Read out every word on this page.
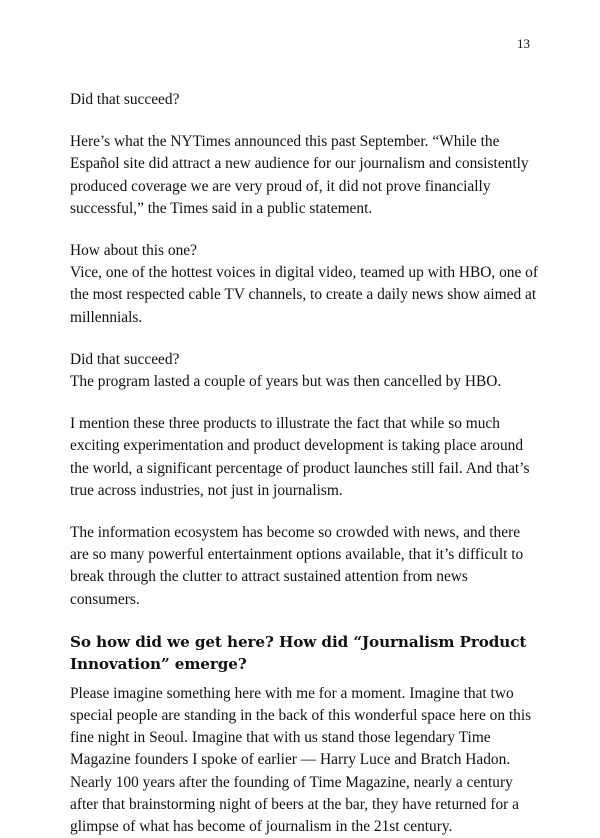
13

Did that succeed?

Here’s what the NYTimes announced this past September. “While the
Español site did attract a new audience for our journalism and consistently
produced coverage we are very proud of, it did not prove financially
successful,” the Times said in a public statement.

How about this one?
Vice, one of the hottest voices in digital video, teamed up with HBO, one of
the most respected cable TV channels, to create a daily news show aimed at
millennials.

Did that succeed?
The program lasted a couple of years but was then cancelled by HBO.

I mention these three products to illustrate the fact that while so much
exciting experimentation and product development is taking place around
the world, a significant percentage of product launches still fail. And that’s
true across industries, not just in journalism.

The information ecosystem has become so crowded with news, and there
are so many powerful entertainment options available, that it’s difficult to
break through the clutter to attract sustained attention from news
consumers.

So how did we get here? How did “Journalism Product
Innovation” emerge?

Please imagine something here with me for a moment. Imagine that two
special people are standing in the back of this wonderful space here on this
fine night in Seoul. Imagine that with us stand those legendary Time
Magazine founders I spoke of earlier — Harry Luce and Bratch Hadon.
Nearly 100 years after the founding of Time Magazine, nearly a century
after that brainstorming night of beers at the bar, they have returned for a
glimpse of what has become of journalism in the 21st century.
